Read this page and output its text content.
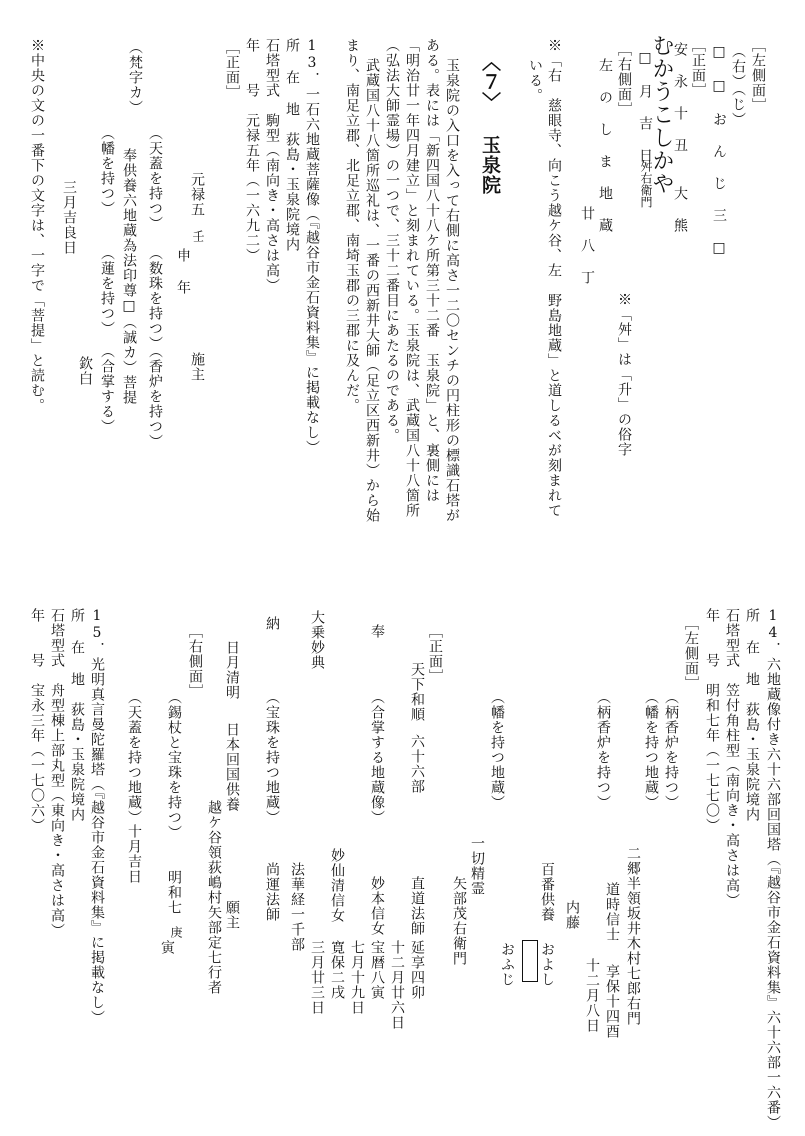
［左側面］
（右）（じ）
□ □ お ん じ 三 □
［正面］
安 永 十 丑
大 熊
むかうこしかや
□ 月 吉 日
舛右衛門
［右側面］
左 の し ま 地 蔵
廿 八 丁
※「舛」は「升」の俗字
※「右　慈眼寺、向こう越ケ谷、左　野島地蔵」と道しるべが刻まれて
いる。
〈７〉 玉泉院
玉泉院の入口を入って右側に高さ一二〇センチの円柱形の標識石塔が
ある。表には「新四国八十八ケ所第三十二番　玉泉院」と、裏側には
「明治廿一年四月建立」と刻まれている。玉泉院は、武蔵国八十八箇所
（弘法大師霊場）の一つで、三十二番目にあたるのである。
武蔵国八十八箇所巡礼は、一番の西新井大師（足立区西新井）から始
まり、南足立郡、北足立郡、南埼玉郡の三郡に及んだ。
13．一石六地蔵菩薩像（『越谷市金石資料集』に掲載なし）
所 在 地　荻島・玉泉院境内
石塔型式　駒型（南向き・高さは高）
年　　号　元禄五年（一六九二）
［正面］
元禄五
壬
申 年
施主
（天蓋を持つ）
（数珠を持つ）
（香炉を持つ）
（梵字カ）
奉供養六地蔵為法印尊□（誠カ）菩提
（幡を持つ）
（蓮を持つ）
（合掌する）
欽白
三月吉良日
※中央の文の一番下の文字は、一字で「菩提」と読む。
14．六地蔵像付き六十六部回国塔（『越谷市金石資料集』六十六部一六番）
所 在 地　荻島・玉泉院境内
石塔型式　笠付角柱型（南向き・高さは高）
年　　号　明和七年（一七七〇）
［左側面］
（柄香炉を持つ）
（幡を持つ地蔵）
（柄香炉を持つ）
二郷半領坂井木村七郎右門
道時信士
享保十四酉
十二月八日
内藤
百番供養
およし
おふじ
（幡を持つ地蔵）
一切精霊
矢部茂右衛門
［正面］
天下和順
六十六部
直道法師
延享四卯
十二月廿六日
奉
（合掌する地蔵像）
妙本信女
宝暦八寅
七月十九日
妙仙清信女
寛保二戌
三月廿三日
大乗妙典
法華経一千部
納
（宝珠を持つ地蔵）
尚運法師
日月清明
日本回国供養
願主
越ケ谷領荻嶋村矢部定七行者
［右側面］
（錫杖と宝珠を持つ）
明和七
庚
寅
（天蓋を持つ地蔵）
十月吉日
15．光明真言曼陀羅塔（『越谷市金石資料集』に掲載なし）
所 在 地　荻島・玉泉院境内
石塔型式　舟型棟上部丸型（東向き・高さは高）
年　　号　宝永三年（一七〇六）
